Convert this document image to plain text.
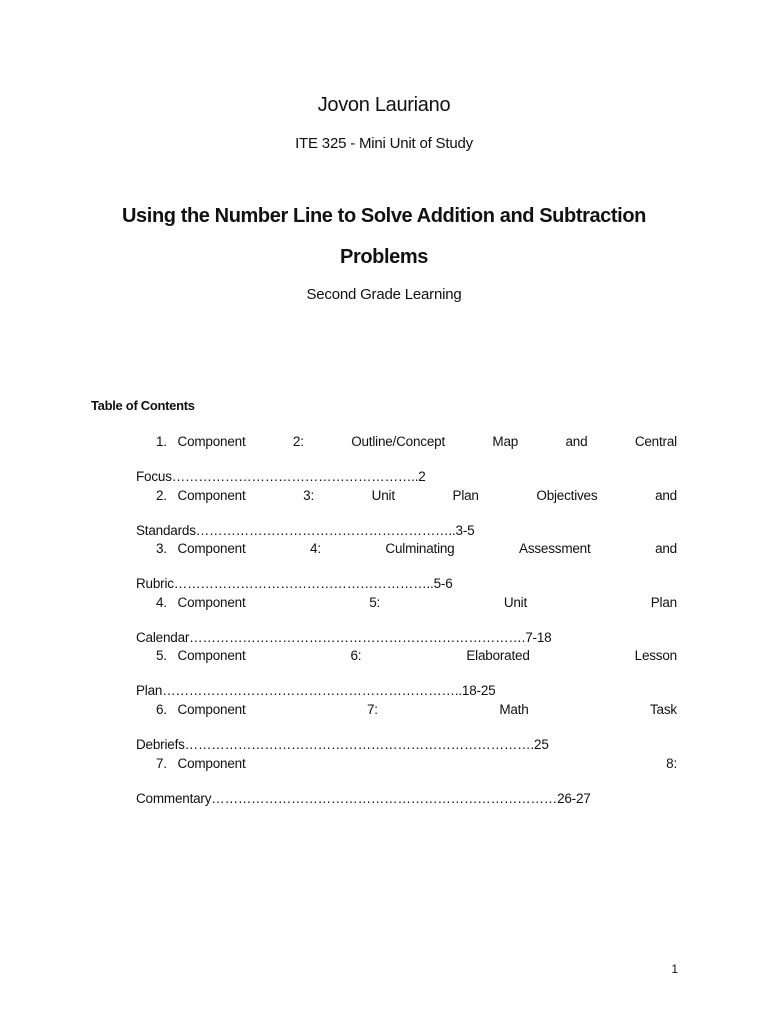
Jovon Lauriano
ITE 325 - Mini Unit of Study
Using the Number Line to Solve Addition and Subtraction
Problems
Second Grade Learning
Table of Contents
1. Component	2:	Outline/Concept	Map	and	Central
Focus………………………………………………..2
2. Component	3:	Unit	Plan	Objectives	and
Standards…………………………………………………..3-5
3. Component	4:	Culminating	Assessment	and
Rubric…………………………………………………..5-6
4. Component	5:	Unit	Plan
Calendar………………………………………………………………….7-18
5. Component	6:	Elaborated	Lesson
Plan…………………………………………………………..18-25
6. Component	7:	Math	Task
Debriefs…………………………………………………………………….25
7. Component	8:
Commentary……………………………………………………………………26-27
1
